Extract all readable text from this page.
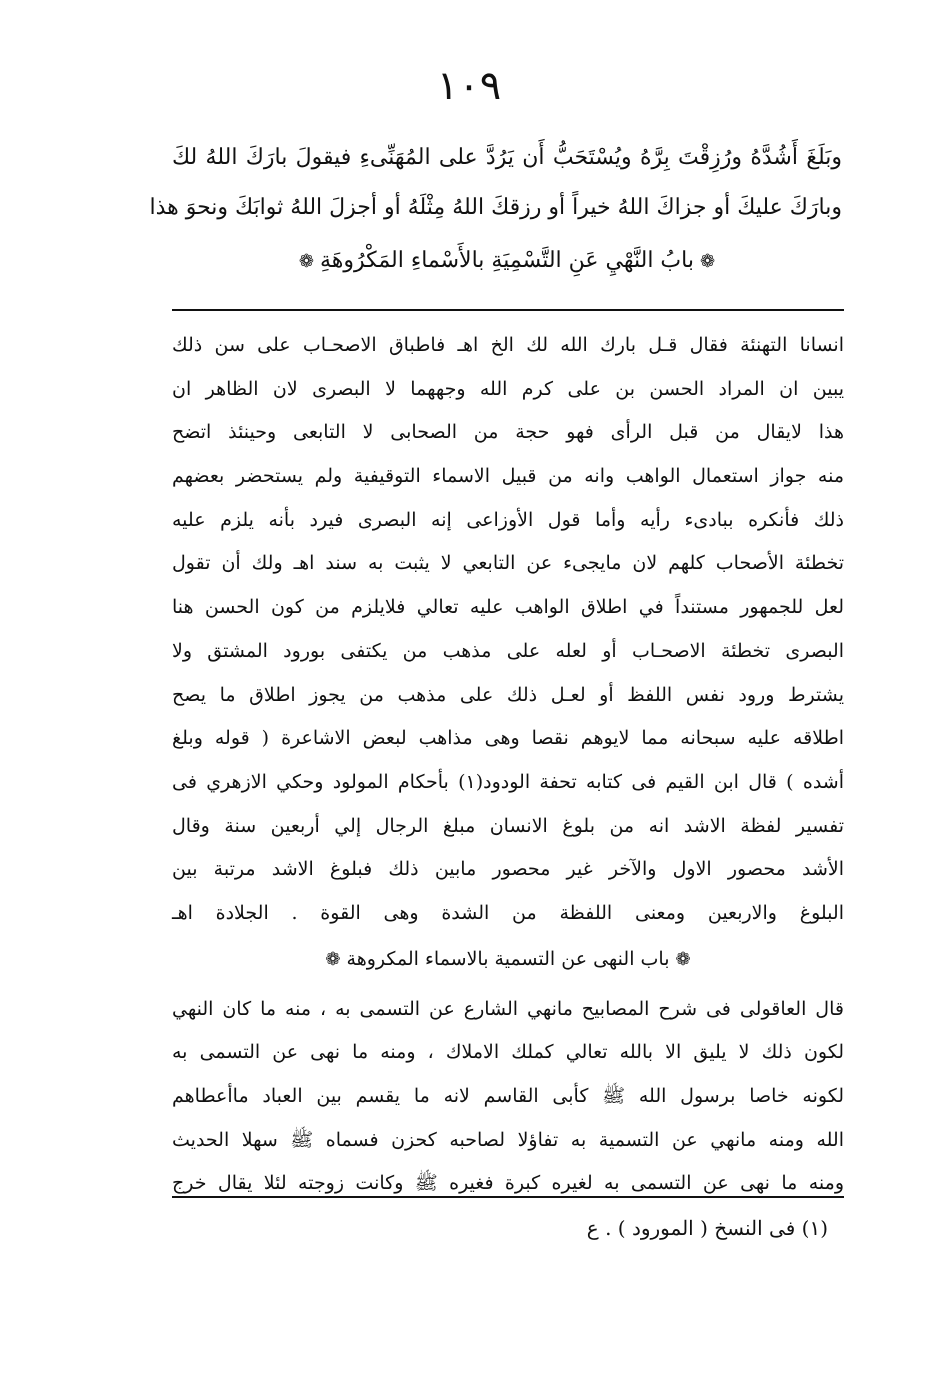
١٠٩
وبَلَغَ أَشُدَّهُ ورُزِقْتَ بِرَّهُ ويُسْتَحَبُّ أَن يَرُدَّ على المُهَنِّىءِ فيقولَ بارَكَ اللهُ لكَ
وبارَكَ عليكَ أو جزاكَ اللهُ خيراً أو رزقكَ اللهُ مِثْلَهُ أو أجزلَ اللهُ ثوابَكَ ونحوَ هذا
❁بابُ النَّهْيِ عَنِ التَّسْمِيَةِ بالأَسْماءِ المَكْرُوهَةِ❁
انسانا التهنئة فقال قـل بارك الله لك الخ اهـ فاطباق الاصحـاب على سن ذلك
يبين ان المراد الحسن بن على كرم الله وجههما لا البصرى لان الظاهر ان
هذا لايقال من قبل الرأى فهو حجة من الصحابى لا التابعى وحينئذ اتضح
منه جواز استعمال الواهب وانه من قبيل الاسماء التوقيفية ولم يستحضر بعضهم
ذلك فأنكره ببادىء رأيه وأما قول الأوزاعى إنه البصرى فيرد بأنه يلزم عليه
تخطئة الأصحاب كلهم لان مايجىء عن التابعي لا يثبت به سند اهـ ولك أن تقول
لعل للجمهور مستنداً في اطلاق الواهب عليه تعالي فلايلزم من كون الحسن هنا
البصرى تخطئة الاصحـاب أو لعله على مذهب من يكتفى بورود المشتق ولا
يشترط ورود نفس اللفظ أو لعـل ذلك على مذهب من يجوز اطلاق ما يصح
اطلاقه عليه سبحانه مما لايوهم نقصا وهى مذاهب لبعض الاشاعرة ( قوله وبلغ
أشده ) قال ابن القيم فى كتابه تحفة الودود(١) بأحكام المولود وحكي الازهري فى
تفسير لفظة الاشد انه من بلوغ الانسان مبلغ الرجال إلي أربعين سنة وقال
الأشد محصور الاول والآخر غير محصور مابين ذلك فبلوغ الاشد مرتبة بين
البلوغ والاربعين ومعنى اللفظة من الشدة وهى القوة . الجلادة اهـ
❁باب النهى عن التسمية بالاسماء المكروهة❁
قال العاقولى فى شرح المصابيح مانهي الشارع عن التسمى به ، منه ما كان النهي
لكون ذلك لا يليق الا بالله تعالي كملك الاملاك ، ومنه ما نهى عن التسمى به
لكونه خاصا برسول الله ﷺ كأبى القاسم لانه ما يقسم بين العباد ماأعطاهم
الله ومنه مانهي عن التسمية به تفاؤلا لصاحبه كحزن فسماه ﷺ سهلا الحديث
ومنه ما نهى عن التسمى به لغيره كبرة فغيره ﷺ وكانت زوجته لئلا يقال خرج
(١) فى النسخ ( المورود ) . ع
